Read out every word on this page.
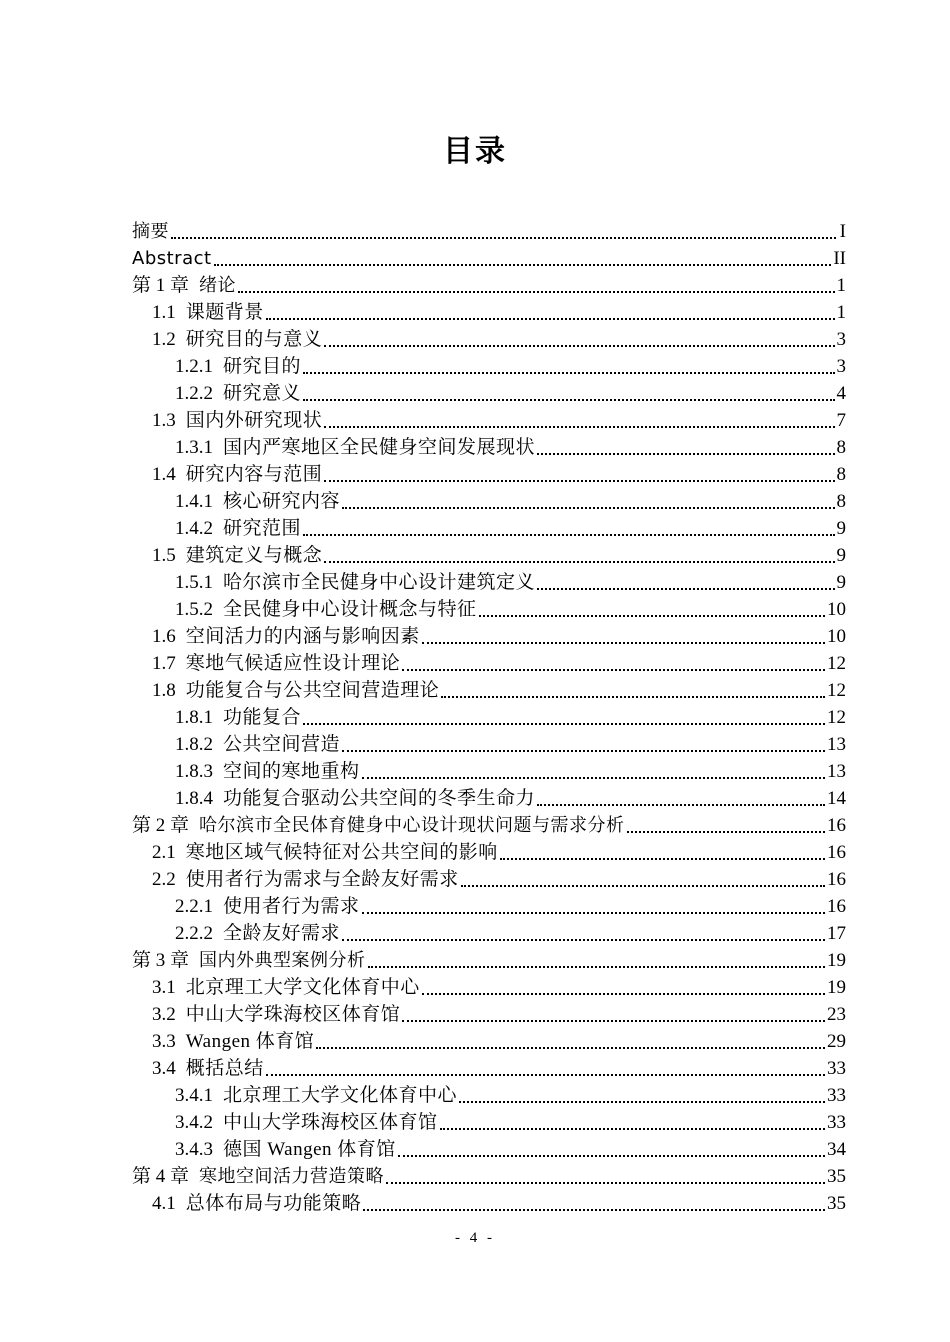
目录
摘要	I
Abstract	II
第 1 章 绪论	1
1.1 课题背景	1
1.2 研究目的与意义	3
1.2.1 研究目的	3
1.2.2 研究意义	4
1.3 国内外研究现状	7
1.3.1 国内严寒地区全民健身空间发展现状	8
1.4 研究内容与范围	8
1.4.1 核心研究内容	8
1.4.2 研究范围	9
1.5 建筑定义与概念	9
1.5.1 哈尔滨市全民健身中心设计建筑定义	9
1.5.2 全民健身中心设计概念与特征	10
1.6 空间活力的内涵与影响因素	10
1.7 寒地气候适应性设计理论	12
1.8 功能复合与公共空间营造理论	12
1.8.1 功能复合	12
1.8.2 公共空间营造	13
1.8.3 空间的寒地重构	13
1.8.4 功能复合驱动公共空间的冬季生命力	14
第 2 章 哈尔滨市全民体育健身中心设计现状问题与需求分析	16
2.1 寒地区域气候特征对公共空间的影响	16
2.2 使用者行为需求与全龄友好需求	16
2.2.1 使用者行为需求	16
2.2.2 全龄友好需求	17
第 3 章 国内外典型案例分析	19
3.1 北京理工大学文化体育中心	19
3.2 中山大学珠海校区体育馆	23
3.3 Wangen 体育馆	29
3.4 概括总结	33
3.4.1 北京理工大学文化体育中心	33
3.4.2 中山大学珠海校区体育馆	33
3.4.3 德国 Wangen 体育馆	34
第 4 章 寒地空间活力营造策略	35
4.1 总体布局与功能策略	35
- 4 -
